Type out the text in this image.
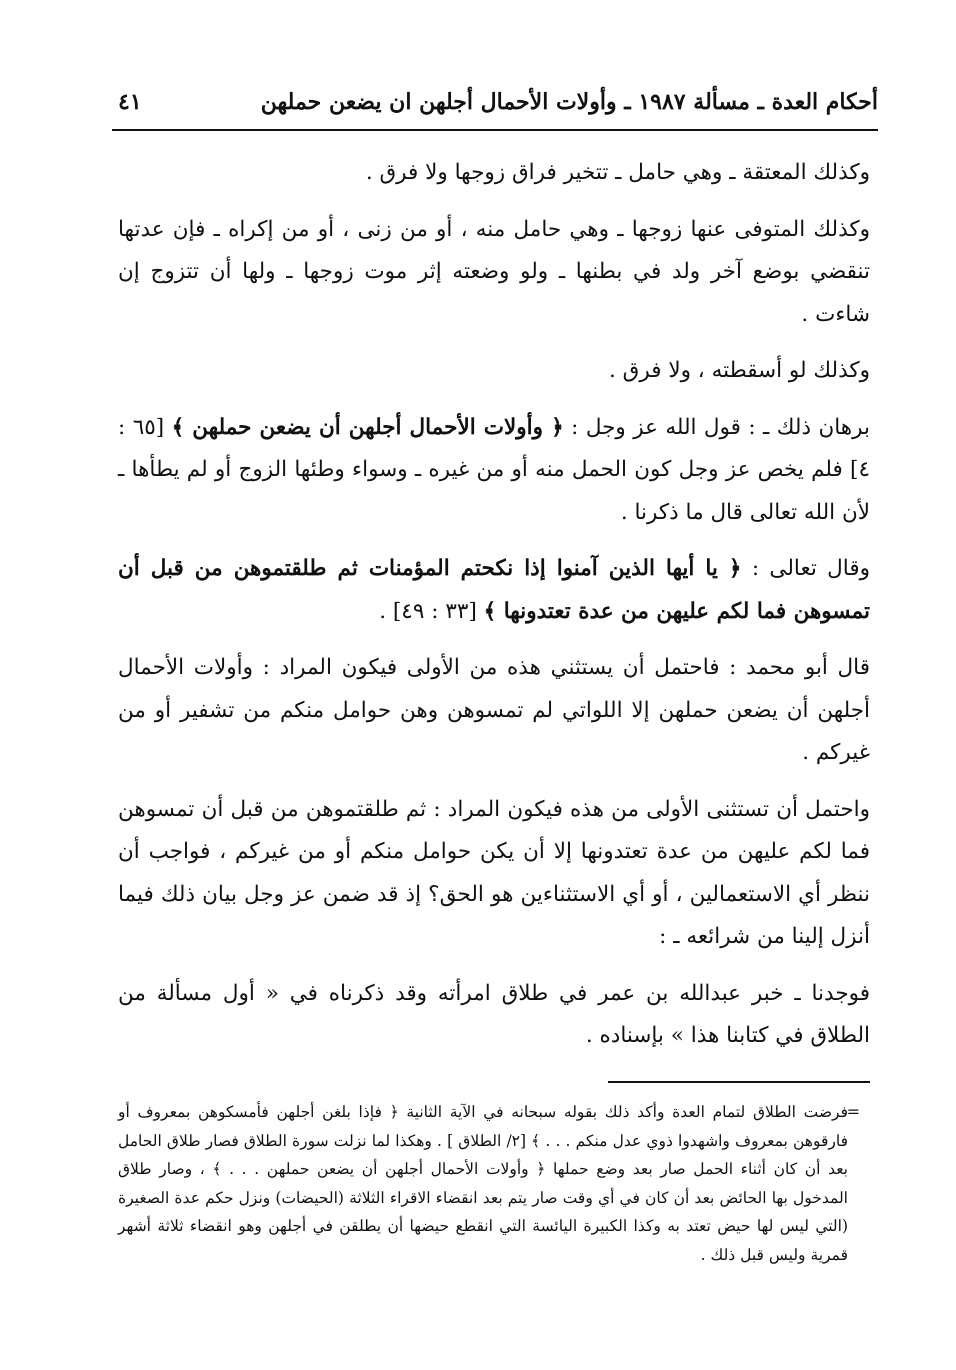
أحكام العدة ـ مسألة ١٩٨٧ ـ وأولات الأحمال أجلهن ان يضعن حملهن
٤١

وكذلك المعتقة ـ وهي حامل ـ تتخير فراق زوجها ولا فرق .

وكذلك المتوفى عنها زوجها ـ وهي حامل منه ، أو من زنى ، أو من إكراه ـ فإن عدتها تنقضي بوضع آخر ولد في بطنها ـ ولو وضعته إثر موت زوجها ـ ولها أن تتزوج إن شاءت .

وكذلك لو أسقطته ، ولا فرق .

برهان ذلك ـ : قول الله عز وجل : ﴿ وأولات الأحمال أجلهن أن يضعن حملهن ﴾ [٦٥ : ٤] فلم يخص عز وجل كون الحمل منه أو من غيره ـ وسواء وطئها الزوج أو لم يطأها ـ لأن الله تعالى قال ما ذكرنا .

وقال تعالى : ﴿ يا أيها الذين آمنوا إذا نكحتم المؤمنات ثم طلقتموهن من قبل أن تمسوهن فما لكم عليهن من عدة تعتدونها ﴾ [٣٣ : ٤٩] .

قال أبو محمد : فاحتمل أن يستثني هذه من الأولى فيكون المراد : وأولات الأحمال أجلهن أن يضعن حملهن إلا اللواتي لم تمسوهن وهن حوامل منكم من تشفير أو من غيركم .

واحتمل أن تستثنى الأولى من هذه فيكون المراد : ثم طلقتموهن من قبل أن تمسوهن فما لكم عليهن من عدة تعتدونها إلا أن يكن حوامل منكم أو من غيركم ، فواجب أن ننظر أي الاستعمالين ، أو أي الاستثناءين هو الحق؟ إذ قد ضمن عز وجل بيان ذلك فيما أنزل إلينا من شرائعه ـ :

فوجدنا ـ خبر عبدالله بن عمر في طلاق امرأته وقد ذكرناه في « أول مسألة من الطلاق في كتابنا هذا » بإسناده .

=
فرضت الطلاق لتمام العدة وأكد ذلك بقوله سبحانه في الآية الثانية ﴿ فإذا بلغن أجلهن فأمسكوهن بمعروف أو فارقوهن بمعروف واشهدوا ذوي عدل منكم . . . ﴾ [٢/ الطلاق ] . وهكذا لما نزلت سورة الطلاق فصار طلاق الحامل بعد أن كان أثناء الحمل صار بعد وضع حملها ﴿ وأولات الأحمال أجلهن أن يضعن حملهن . . . ﴾ ، وصار طلاق المدخول بها الحائض بعد أن كان في أي وقت صار يتم بعد انقضاء الاقراء الثلاثة (الحيضات) ونزل حكم عدة الصغيرة (التي ليس لها حيض تعتد به وكذا الكبيرة اليائسة التي انقطع حيضها أن يطلقن في أجلهن وهو انقضاء ثلاثة أشهر قمرية وليس قبل ذلك .
